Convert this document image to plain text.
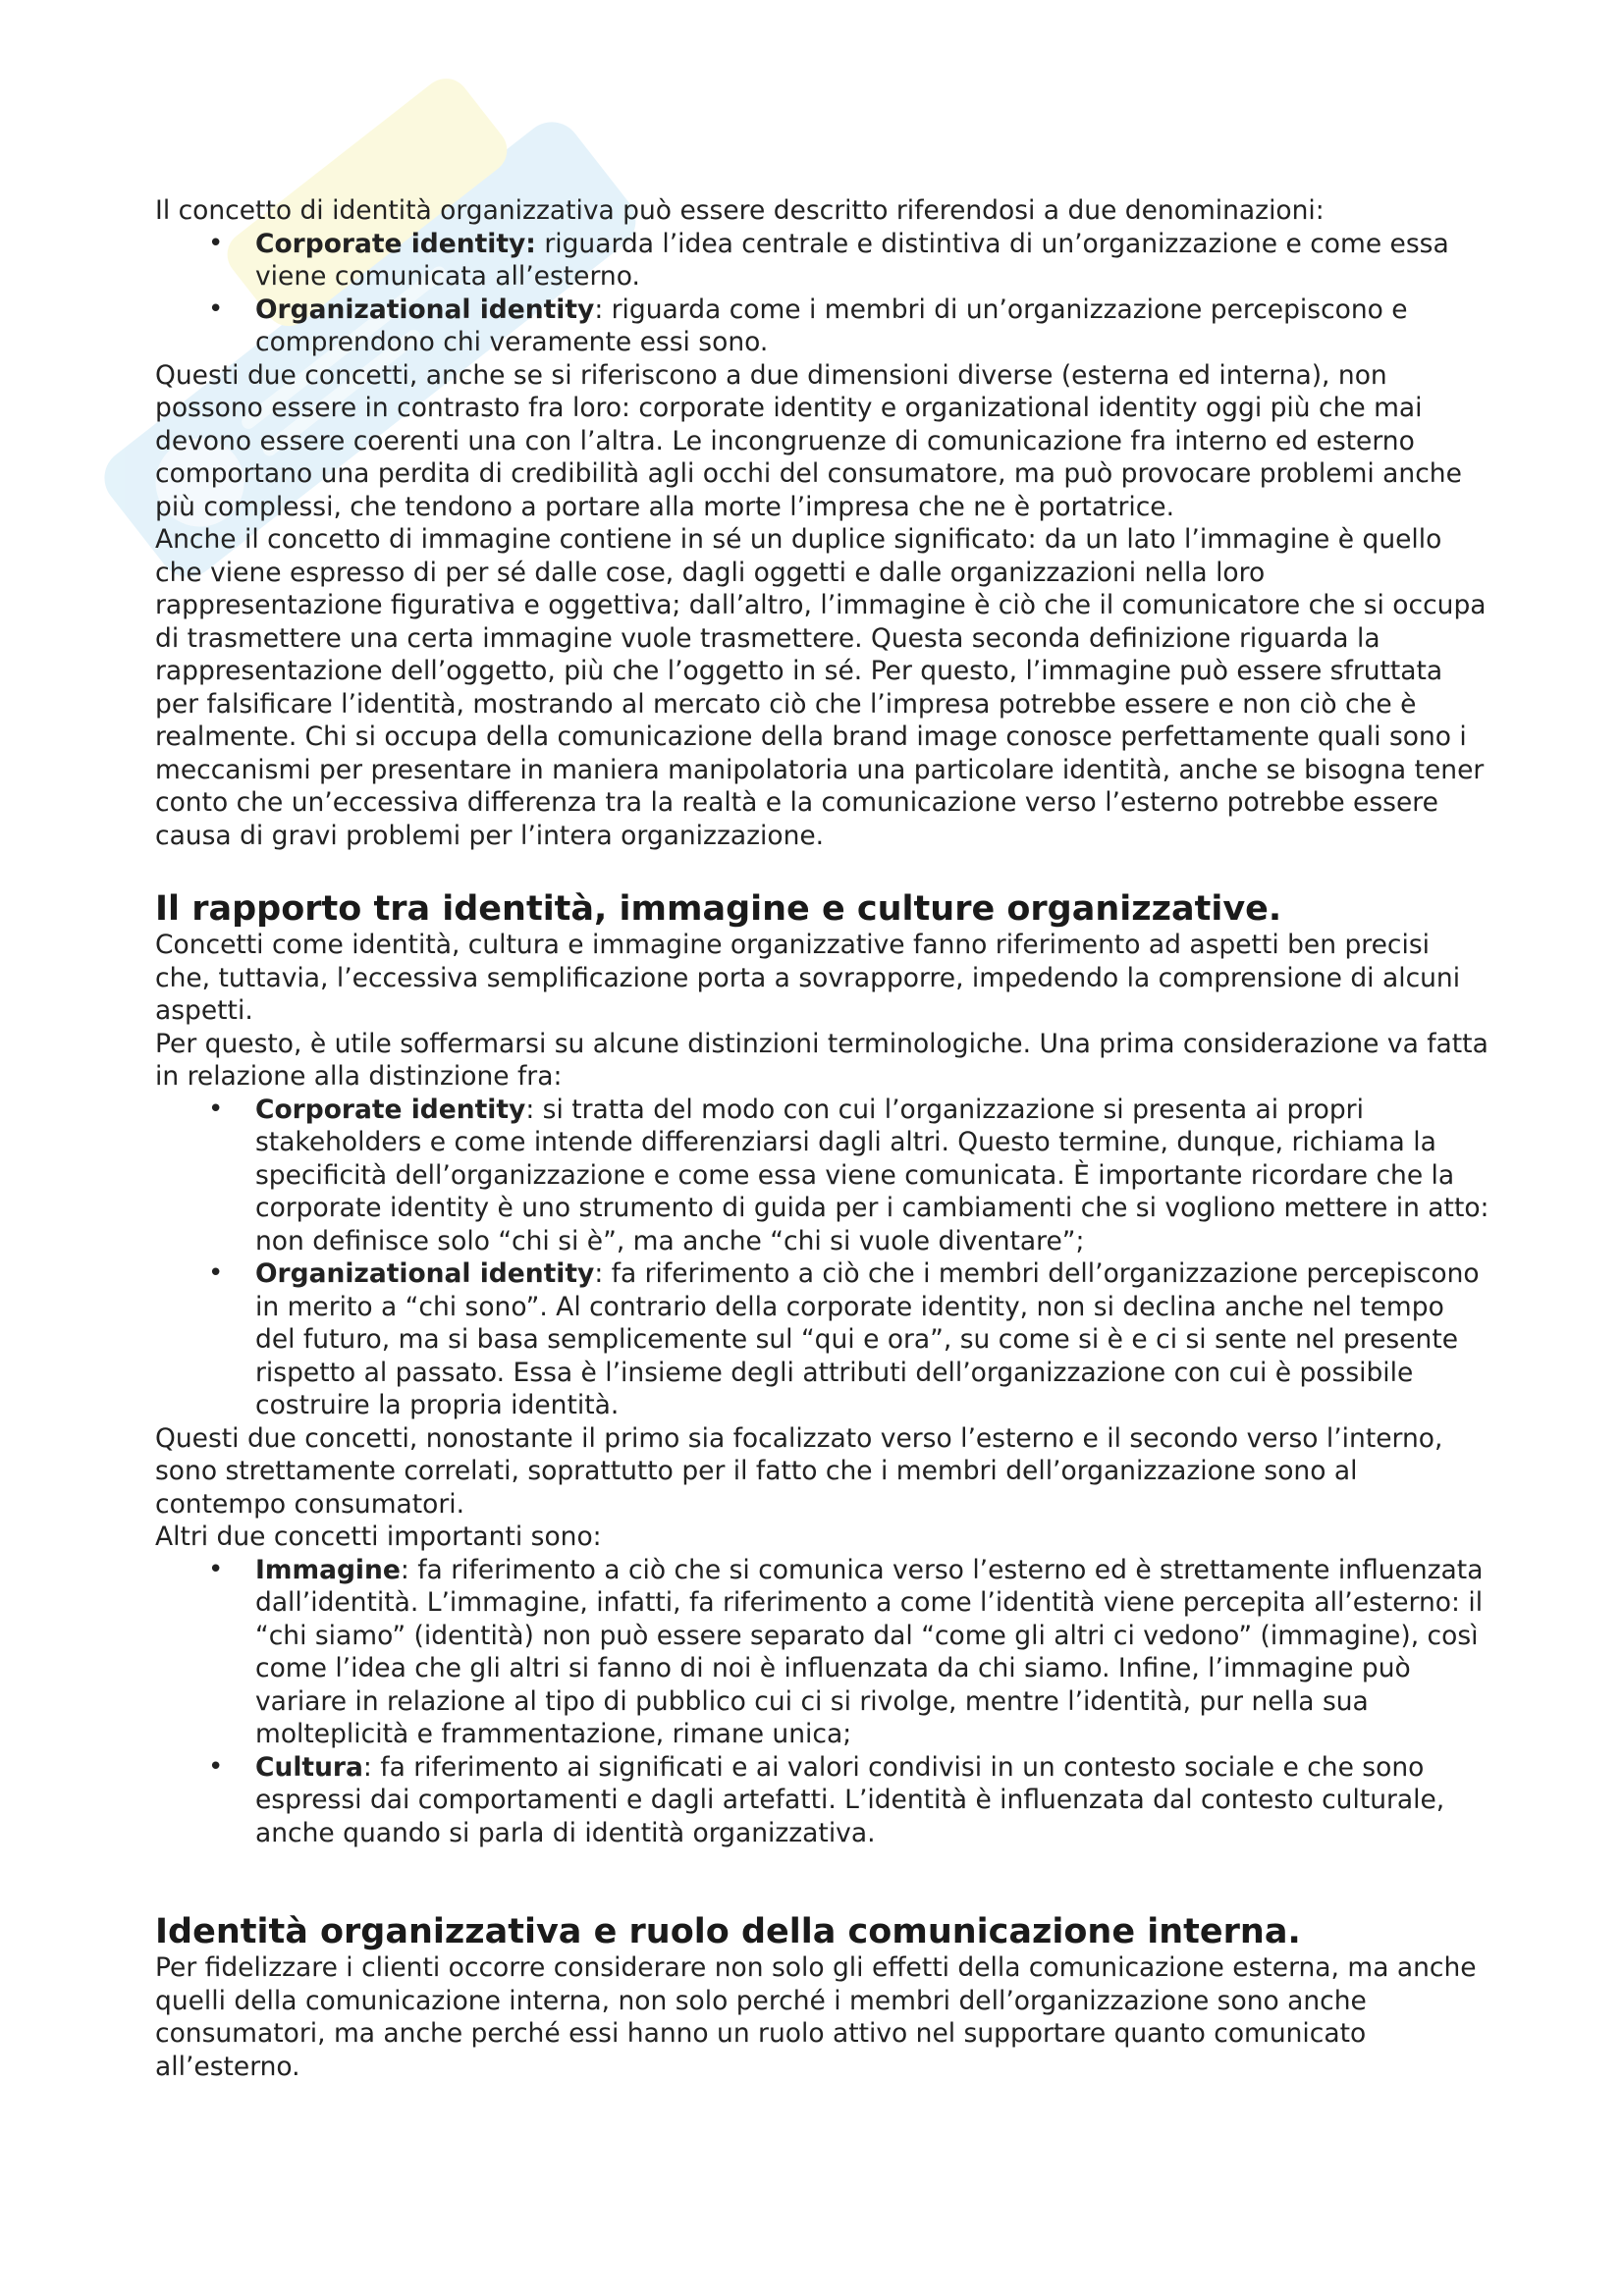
Il concetto di identità organizzativa può essere descritto riferendosi a due denominazioni:

• Corporate identity: riguarda l’idea centrale e distintiva di un’organizzazione e come essa viene comunicata all’esterno.
• Organizational identity: riguarda come i membri di un’organizzazione percepiscono e comprendono chi veramente essi sono.

Questi due concetti, anche se si riferiscono a due dimensioni diverse (esterna ed interna), non possono essere in contrasto fra loro: corporate identity e organizational identity oggi più che mai devono essere coerenti una con l’altra. Le incongruenze di comunicazione fra interno ed esterno comportano una perdita di credibilità agli occhi del consumatore, ma può provocare problemi anche più complessi, che tendono a portare alla morte l’impresa che ne è portatrice.

Anche il concetto di immagine contiene in sé un duplice significato: da un lato l’immagine è quello che viene espresso di per sé dalle cose, dagli oggetti e dalle organizzazioni nella loro rappresentazione figurativa e oggettiva; dall’altro, l’immagine è ciò che il comunicatore che si occupa di trasmettere una certa immagine vuole trasmettere. Questa seconda definizione riguarda la rappresentazione dell’oggetto, più che l’oggetto in sé. Per questo, l’immagine può essere sfruttata per falsificare l’identità, mostrando al mercato ciò che l’impresa potrebbe essere e non ciò che è realmente. Chi si occupa della comunicazione della brand image conosce perfettamente quali sono i meccanismi per presentare in maniera manipolatoria una particolare identità, anche se bisogna tener conto che un’eccessiva differenza tra la realtà e la comunicazione verso l’esterno potrebbe essere causa di gravi problemi per l’intera organizzazione.

Il rapporto tra identità, immagine e culture organizzative.

Concetti come identità, cultura e immagine organizzative fanno riferimento ad aspetti ben precisi che, tuttavia, l’eccessiva semplificazione porta a sovrapporre, impedendo la comprensione di alcuni aspetti.

Per questo, è utile soffermarsi su alcune distinzioni terminologiche. Una prima considerazione va fatta in relazione alla distinzione fra:

• Corporate identity: si tratta del modo con cui l’organizzazione si presenta ai propri stakeholders e come intende differenziarsi dagli altri. Questo termine, dunque, richiama la specificità dell’organizzazione e come essa viene comunicata. È importante ricordare che la corporate identity è uno strumento di guida per i cambiamenti che si vogliono mettere in atto: non definisce solo “chi si è”, ma anche “chi si vuole diventare”;
• Organizational identity: fa riferimento a ciò che i membri dell’organizzazione percepiscono in merito a “chi sono”. Al contrario della corporate identity, non si declina anche nel tempo del futuro, ma si basa semplicemente sul “qui e ora”, su come si è e ci si sente nel presente rispetto al passato. Essa è l’insieme degli attributi dell’organizzazione con cui è possibile costruire la propria identità.

Questi due concetti, nonostante il primo sia focalizzato verso l’esterno e il secondo verso l’interno, sono strettamente correlati, soprattutto per il fatto che i membri dell’organizzazione sono al contempo consumatori.

Altri due concetti importanti sono:

• Immagine: fa riferimento a ciò che si comunica verso l’esterno ed è strettamente influenzata dall’identità. L’immagine, infatti, fa riferimento a come l’identità viene percepita all’esterno: il “chi siamo” (identità) non può essere separato dal “come gli altri ci vedono” (immagine), così come l’idea che gli altri si fanno di noi è influenzata da chi siamo. Infine, l’immagine può variare in relazione al tipo di pubblico cui ci si rivolge, mentre l’identità, pur nella sua molteplicità e frammentazione, rimane unica;
• Cultura: fa riferimento ai significati e ai valori condivisi in un contesto sociale e che sono espressi dai comportamenti e dagli artefatti. L’identità è influenzata dal contesto culturale, anche quando si parla di identità organizzativa.
Identità organizzativa e ruolo della comunicazione interna.

Per fidelizzare i clienti occorre considerare non solo gli effetti della comunicazione esterna, ma anche quelli della comunicazione interna, non solo perché i membri dell’organizzazione sono anche consumatori, ma anche perché essi hanno un ruolo attivo nel supportare quanto comunicato all’esterno.
